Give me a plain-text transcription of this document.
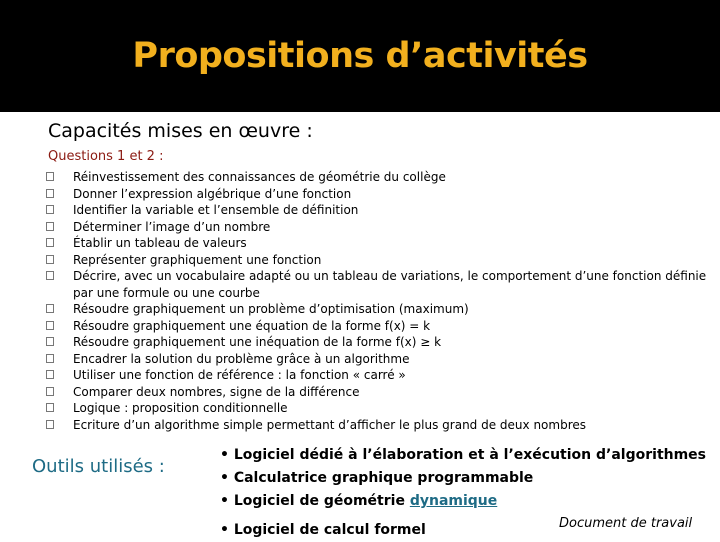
Propositions d’activités
Capacités mises en œuvre :
Questions 1 et 2 :
Réinvestissement des connaissances de géométrie du collège
Donner l’expression algébrique d’une fonction
Identifier la variable et l’ensemble de définition
Déterminer l’image d’un nombre
Établir un tableau de valeurs
Représenter graphiquement une fonction
Décrire, avec un vocabulaire adapté ou un tableau de variations, le comportement d’une fonction définie par une formule ou une courbe
Résoudre graphiquement un problème d’optimisation (maximum)
Résoudre graphiquement une équation de la forme f(x) = k
Résoudre graphiquement une inéquation de la forme f(x) ≥ k
Encadrer la solution du problème grâce à un algorithme
Utiliser une fonction de référence : la fonction « carré »
Comparer deux nombres, signe de la différence
Logique : proposition conditionnelle
Ecriture d’un algorithme simple permettant d’afficher le plus grand de deux nombres
Outils utilisés :
• Logiciel dédié à l’élaboration et à l’exécution d’algorithmes
• Calculatrice graphique programmable
• Logiciel de géométrie dynamique
• Logiciel de calcul formel	Document de travail
